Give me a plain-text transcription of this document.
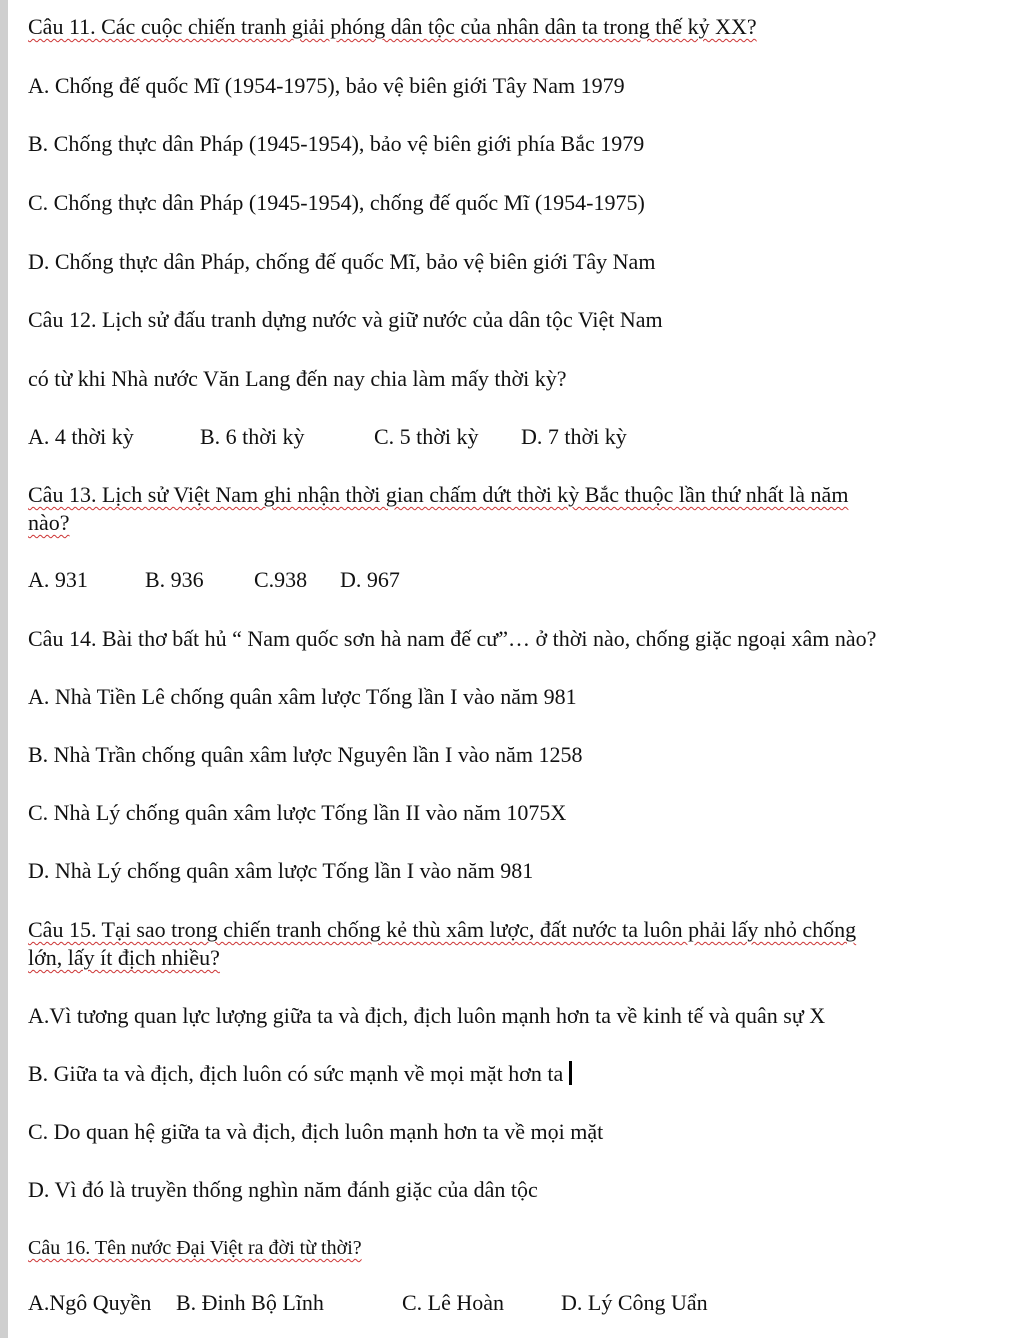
Câu 11. Các cuộc chiến tranh giải phóng dân tộc của nhân dân ta trong thế kỷ XX?
A. Chống đế quốc Mĩ (1954-1975), bảo vệ biên giới Tây Nam 1979
B. Chống thực dân Pháp (1945-1954), bảo vệ biên giới phía Bắc 1979
C. Chống thực dân Pháp (1945-1954), chống đế quốc Mĩ (1954-1975)
D. Chống thực dân Pháp, chống đế quốc Mĩ, bảo vệ biên giới Tây Nam
Câu 12. Lịch sử đấu tranh dựng nước và giữ nước của dân tộc Việt Nam
có từ khi Nhà nước Văn Lang đến nay chia làm mấy thời kỳ?
A. 4 thời kỳ	B. 6 thời kỳ	C. 5 thời kỳ D. 7 thời kỳ
Câu 13. Lịch sử Việt Nam ghi nhận thời gian chấm dứt thời kỳ Bắc thuộc lần thứ nhất là năm
nào?
A. 931	B. 936 C.938 D. 967
Câu 14. Bài thơ bất hủ “ Nam quốc sơn hà nam đế cư”… ở thời nào, chống giặc ngoại xâm nào?
A. Nhà Tiền Lê chống quân xâm lược Tống lần I vào năm 981
B. Nhà Trần chống quân xâm lược Nguyên lần I vào năm 1258
C. Nhà Lý chống quân xâm lược Tống lần II vào năm 1075X
D. Nhà Lý chống quân xâm lược Tống lần I vào năm 981
Câu 15. Tại sao trong chiến tranh chống kẻ thù xâm lược, đất nước ta luôn phải lấy nhỏ chống
lớn, lấy ít địch nhiều?
A.Vì tương quan lực lượng giữa ta và địch, địch luôn mạnh hơn ta về kinh tế và quân sự X
B. Giữa ta và địch, địch luôn có sức mạnh về mọi mặt hơn ta
C. Do quan hệ giữa ta và địch, địch luôn mạnh hơn ta về mọi mặt
D. Vì đó là truyền thống nghìn năm đánh giặc của dân tộc
Câu 16. Tên nước Đại Việt ra đời từ thời?
A.Ngô Quyền B. Đinh Bộ Lĩnh	C. Lê Hoàn	D. Lý Công Uẩn
